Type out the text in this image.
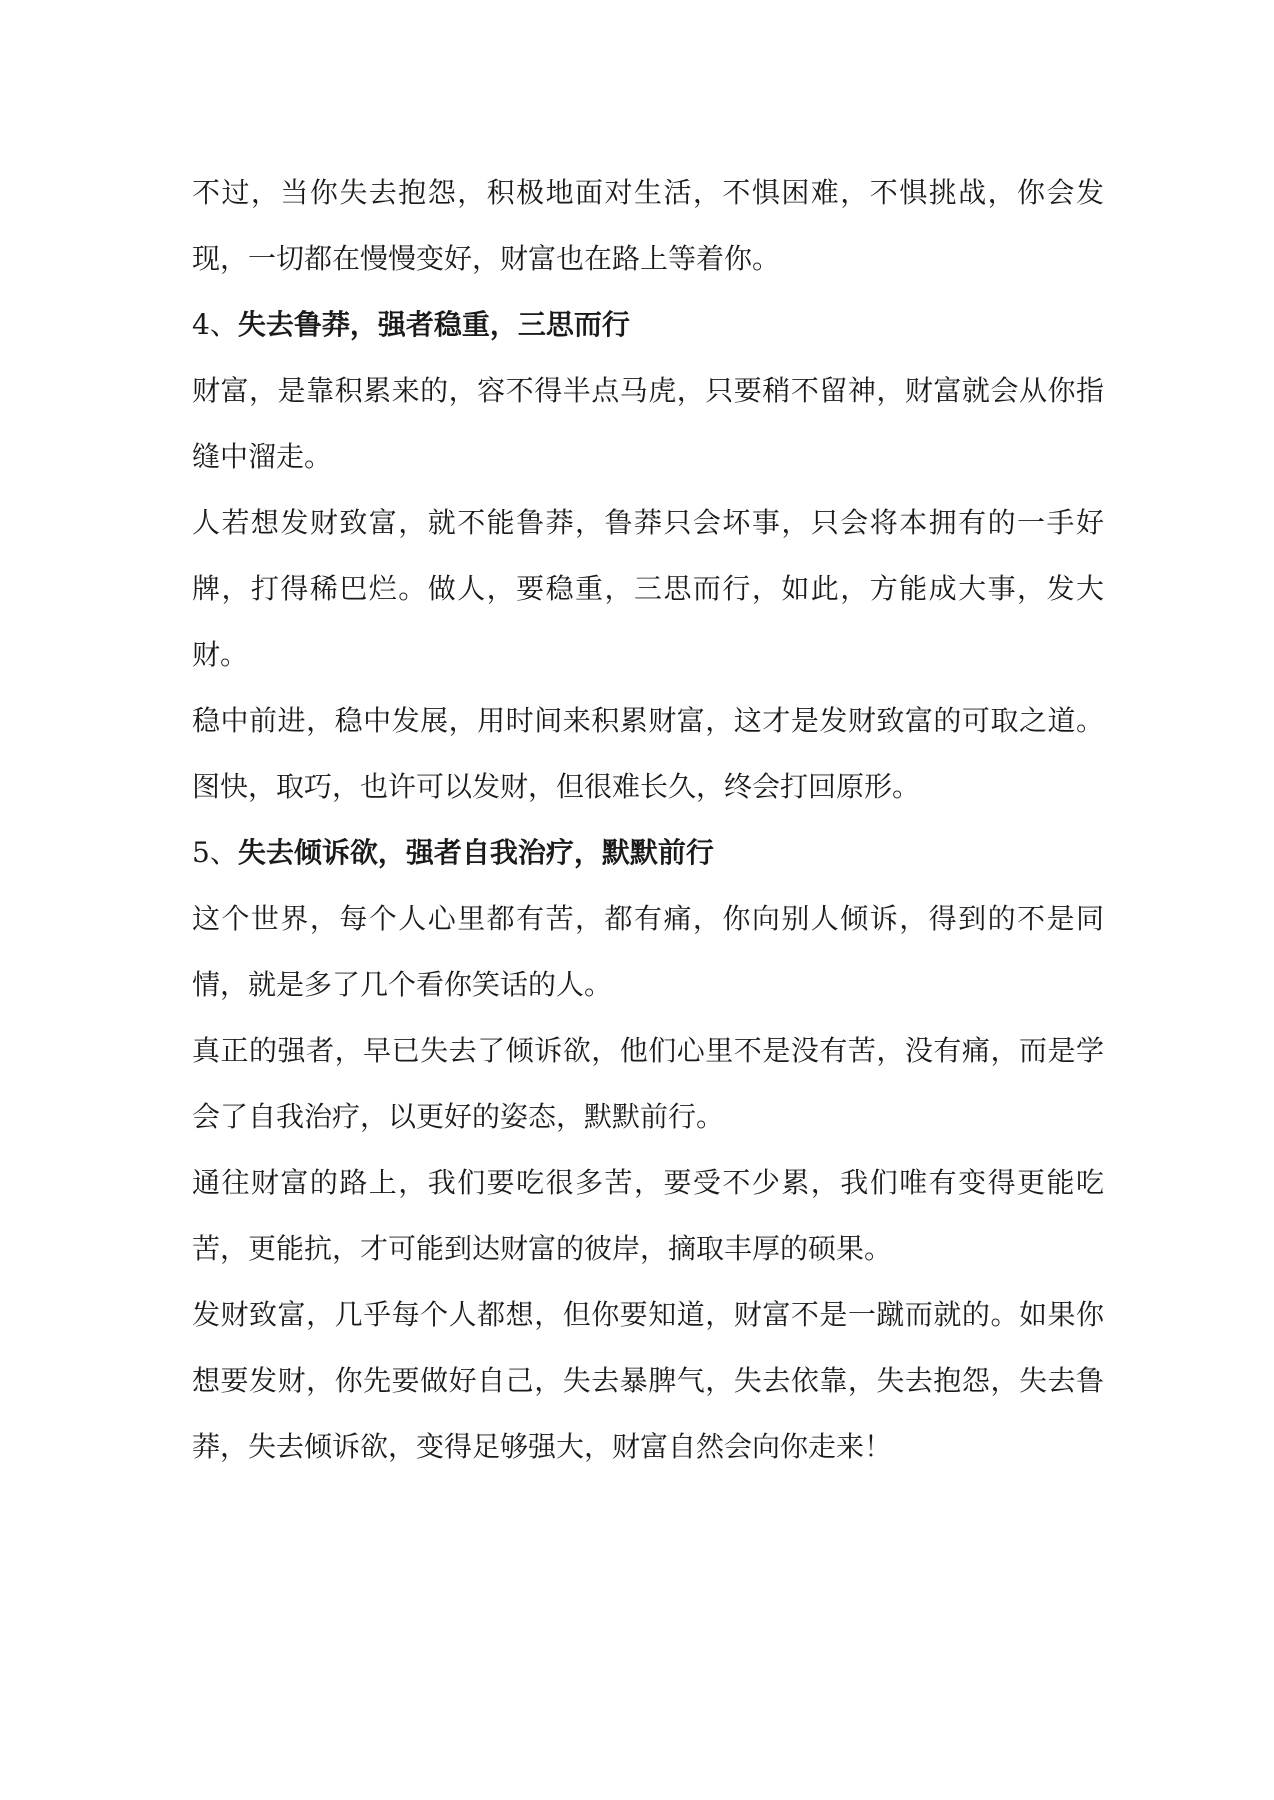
不过，当你失去抱怨，积极地面对生活，不惧困难，不惧挑战，你会发现，一切都在慢慢变好，财富也在路上等着你。

4、失去鲁莽，强者稳重，三思而行

财富，是靠积累来的，容不得半点马虎，只要稍不留神，财富就会从你指缝中溜走。

人若想发财致富，就不能鲁莽，鲁莽只会坏事，只会将本拥有的一手好牌，打得稀巴烂。做人，要稳重，三思而行，如此，方能成大事，发大财。

稳中前进，稳中发展，用时间来积累财富，这才是发财致富的可取之道。图快，取巧，也许可以发财，但很难长久，终会打回原形。

5、失去倾诉欲，强者自我治疗，默默前行

这个世界，每个人心里都有苦，都有痛，你向别人倾诉，得到的不是同情，就是多了几个看你笑话的人。

真正的强者，早已失去了倾诉欲，他们心里不是没有苦，没有痛，而是学会了自我治疗，以更好的姿态，默默前行。

通往财富的路上，我们要吃很多苦，要受不少累，我们唯有变得更能吃苦，更能抗，才可能到达财富的彼岸，摘取丰厚的硕果。

发财致富，几乎每个人都想，但你要知道，财富不是一蹴而就的。如果你想要发财，你先要做好自己，失去暴脾气，失去依靠，失去抱怨，失去鲁莽，失去倾诉欲，变得足够强大，财富自然会向你走来！
